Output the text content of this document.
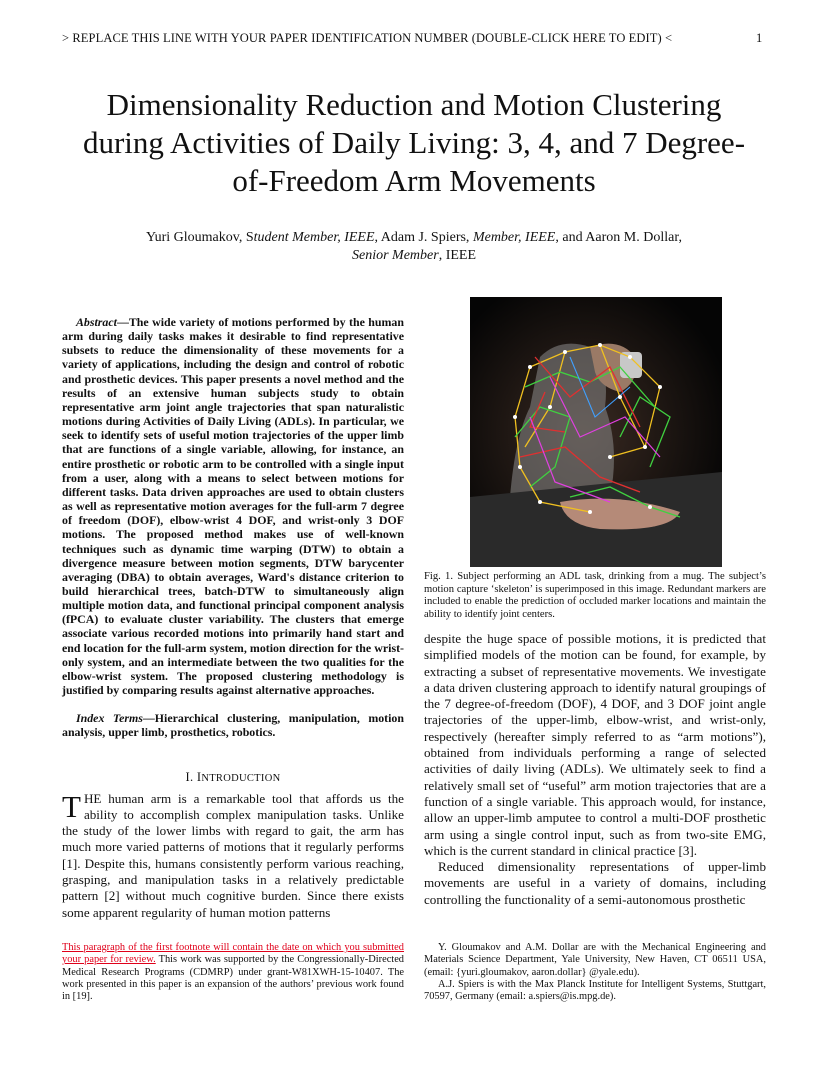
> REPLACE THIS LINE WITH YOUR PAPER IDENTIFICATION NUMBER (DOUBLE-CLICK HERE TO EDIT) <	1
Dimensionality Reduction and Motion Clustering during Activities of Daily Living: 3, 4, and 7 Degree-of-Freedom Arm Movements
Yuri Gloumakov, Student Member, IEEE, Adam J. Spiers, Member, IEEE, and Aaron M. Dollar,
Senior Member, IEEE

Abstract—The wide variety of motions performed by the human arm during daily tasks makes it desirable to find representative subsets to reduce the dimensionality of these movements for a variety of applications, including the design and control of robotic and prosthetic devices. This paper presents a novel method and the results of an extensive human subjects study to obtain representative arm joint angle trajectories that span naturalistic motions during Activities of Daily Living (ADLs). In particular, we seek to identify sets of useful motion trajectories of the upper limb that are functions of a single variable, allowing, for instance, an entire prosthetic or robotic arm to be controlled with a single input from a user, along with a means to select between motions for different tasks. Data driven approaches are used to obtain clusters as well as representative motion averages for the full-arm 7 degree of freedom (DOF), elbow-wrist 4 DOF, and wrist-only 3 DOF motions. The proposed method makes use of well-known techniques such as dynamic time warping (DTW) to obtain a divergence measure between motion segments, DTW barycenter averaging (DBA) to obtain averages, Ward's distance criterion to build hierarchical trees, batch-DTW to simultaneously align multiple motion data, and functional principal component analysis (fPCA) to evaluate cluster variability. The clusters that emerge associate various recorded motions into primarily hand start and end location for the full-arm system, motion direction for the wrist-only system, and an intermediate between the two qualities for the elbow-wrist system. The proposed clustering methodology is justified by comparing results against alternative approaches.

Index Terms—Hierarchical clustering, manipulation, motion analysis, upper limb, prosthetics, robotics.

I. INTRODUCTION

THE human arm is a remarkable tool that affords us the ability to accomplish complex manipulation tasks. Unlike the study of the lower limbs with regard to gait, the arm has much more varied patterns of motions that it regularly performs [1]. Despite this, humans consistently perform various reaching, grasping, and manipulation tasks in a relatively predictable pattern [2] without much cognitive burden. Since there exists some apparent regularity of human motion patterns

Fig. 1. Subject performing an ADL task, drinking from a mug. The subject’s motion capture ‘skeleton’ is superimposed in this image. Redundant markers are included to enable the prediction of occluded marker locations and maintain the ability to identify joint centers.

despite the huge space of possible motions, it is predicted that simplified models of the motion can be found, for example, by extracting a subset of representative movements. We investigate a data driven clustering approach to identify natural groupings of the 7 degree-of-freedom (DOF), 4 DOF, and 3 DOF joint angle trajectories of the upper-limb, elbow-wrist, and wrist-only, respectively (hereafter simply referred to as “arm motions”), obtained from individuals performing a range of selected activities of daily living (ADLs). We ultimately seek to find a relatively small set of “useful” arm motion trajectories that are a function of a single variable. This approach would, for instance, allow an upper-limb amputee to control a multi-DOF prosthetic arm using a single control input, such as from two-site EMG, which is the current standard in clinical practice [3].

Reduced dimensionality representations of upper-limb movements are useful in a variety of domains, including controlling the functionality of a semi-autonomous prosthetic

This paragraph of the first footnote will contain the date on which you submitted your paper for review. This work was supported by the Congressionally-Directed Medical Research Programs (CDMRP) under grant-W81XWH-15-10407. The work presented in this paper is an expansion of the authors’ previous work found in [19].

Y. Gloumakov and A.M. Dollar are with the Mechanical Engineering and Materials Science Department, Yale University, New Haven, CT 06511 USA, (email: {yuri.gloumakov, aaron.dollar} @yale.edu).

A.J. Spiers is with the Max Planck Institute for Intelligent Systems, Stuttgart, 70597, Germany (email: a.spiers@is.mpg.de).
